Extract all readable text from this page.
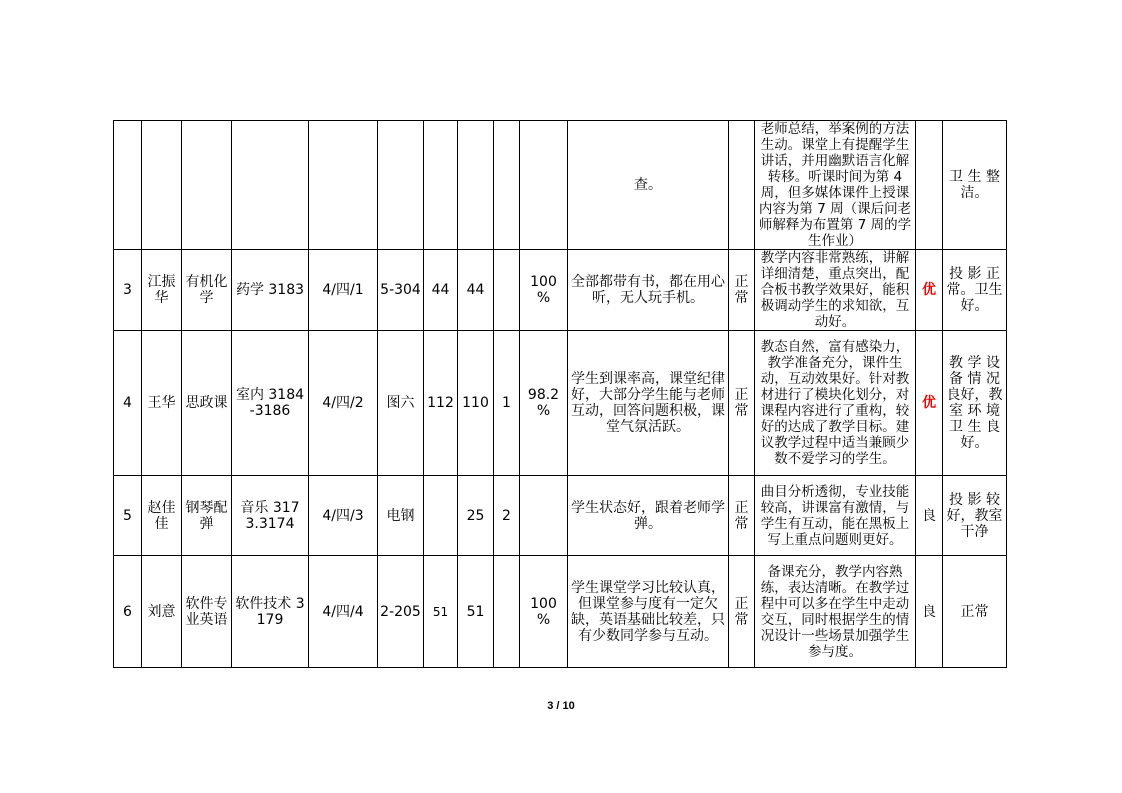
										查。		老师总结，举案例的方法生动。课堂上有提醒学生讲话，并用幽默语言化解转移。听课时间为第 4 周，但多媒体课件上授课内容为第 7 周（课后问老师解释为布置第 7 周的学生作业）		卫 生 整 洁。
3	江振华	有机化学	药学 3183	4/四/1	5-304	44	44		100 %	全部都带有书，都在用心听，无人玩手机。	正常	教学内容非常熟练，讲解详细清楚，重点突出，配合板书教学效果好，能积极调动学生的求知欲，互动好。	优	投 影 正 常。卫生好。
4	王华	思政课	室内 3184-3186	4/四/2	图六	112	110	1	98.2 %	学生到课率高，课堂纪律好，大部分学生能与老师互动，回答问题积极，课堂气氛活跃。	正常	教态自然，富有感染力，教学准备充分，课件生动，互动效果好。针对教材进行了模块化划分，对课程内容进行了重构，较好的达成了教学目标。建议教学过程中适当兼顾少数不爱学习的学生。	优	教 学 设 备 情 况 良好，教室 环 境 卫 生 良好。
5	赵佳佳	钢琴配弹	音乐 3173.3174	4/四/3	电钢		25	2		学生状态好，跟着老师学弹。	正常	曲目分析透彻，专业技能较高，讲课富有激情，与学生有互动，能在黑板上写上重点问题则更好。	良	投 影 较 好，教室干净
6	刘意	软件专业英语	软件技术 3179	4/四/4	2-205	51	51		100 %	学生课堂学习比较认真，但课堂参与度有一定欠缺，英语基础比较差，只有少数同学参与互动。	正常	备课充分，教学内容熟练，表达清晰。在教学过程中可以多在学生中走动交互，同时根据学生的情况设计一些场景加强学生参与度。	良	正常
3 / 10
